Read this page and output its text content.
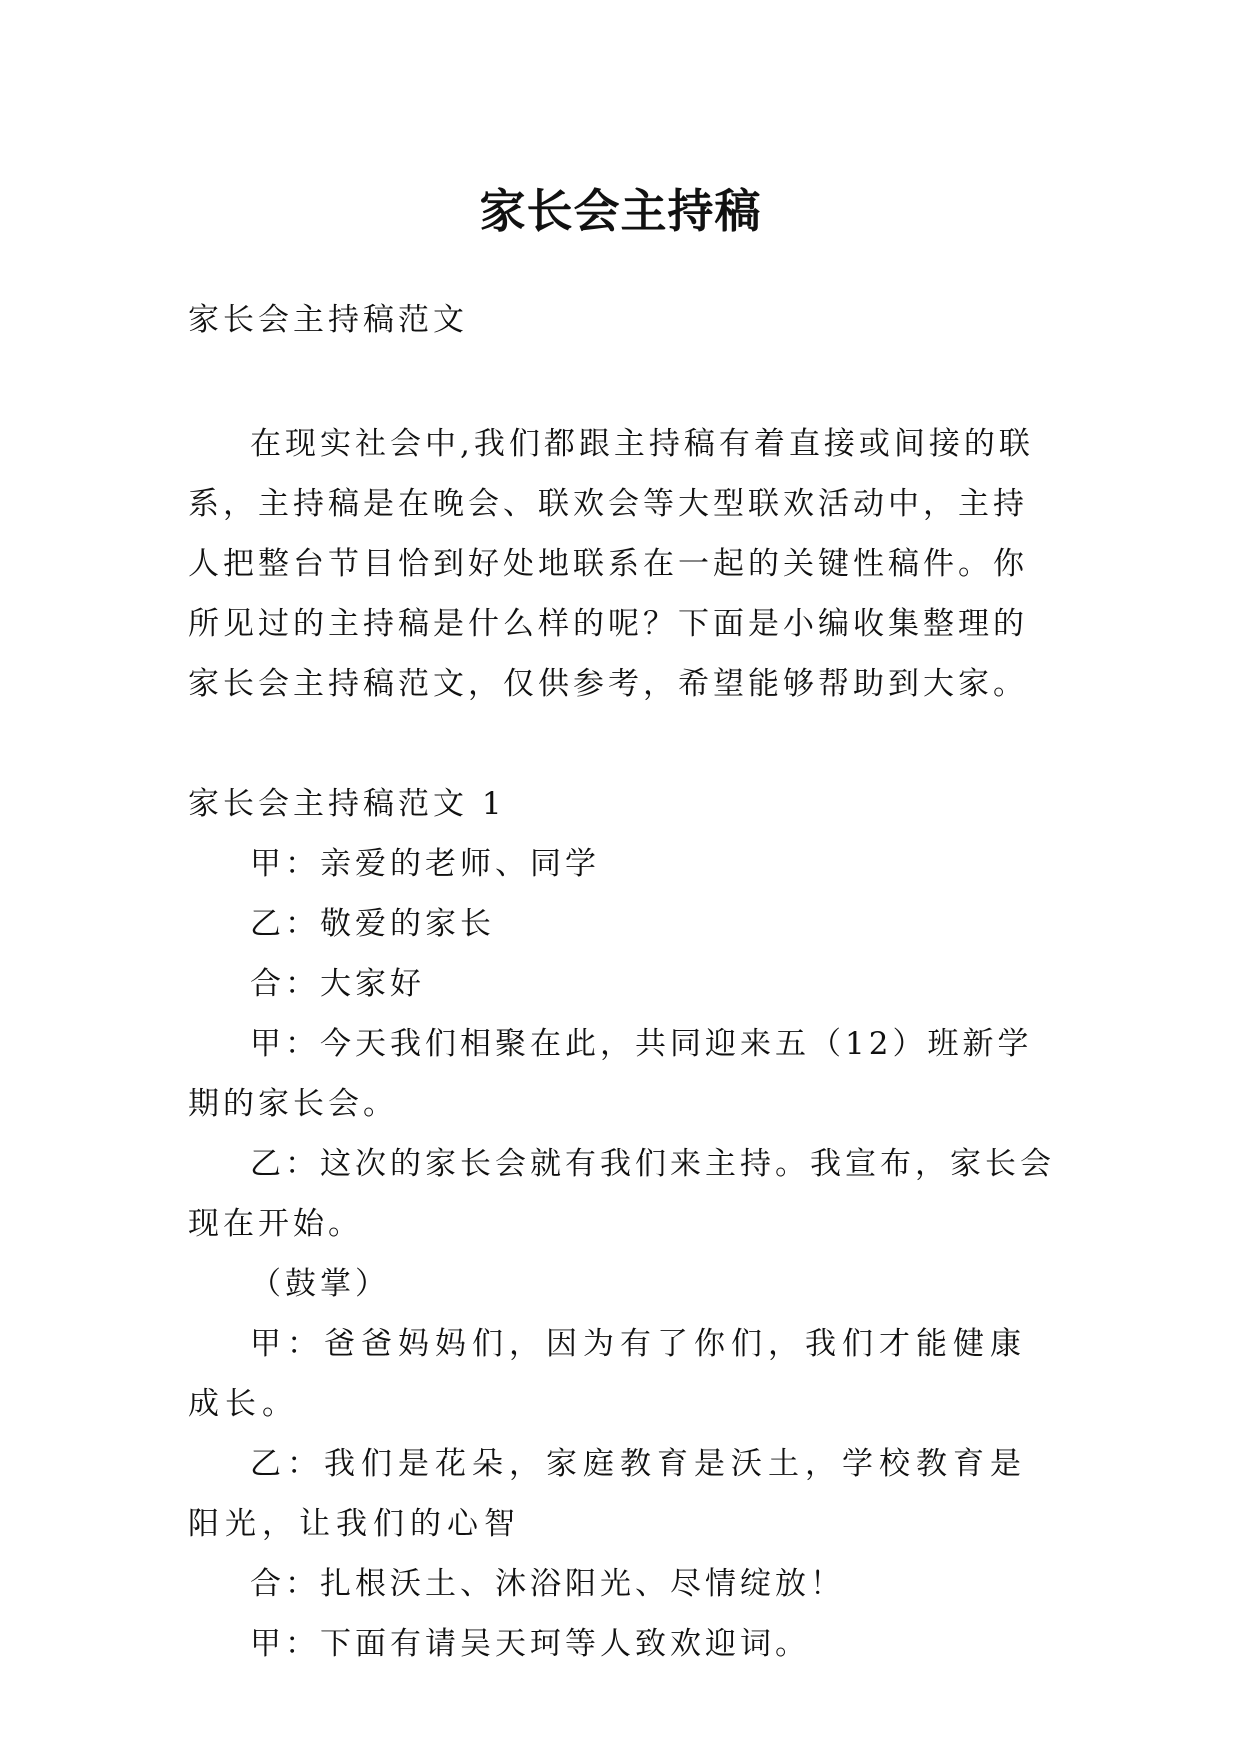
家长会主持稿

家长会主持稿范文

在现实社会中,我们都跟主持稿有着直接或间接的联系，主持稿是在晚会、联欢会等大型联欢活动中，主持人把整台节目恰到好处地联系在一起的关键性稿件。你所见过的主持稿是什么样的呢？下面是小编收集整理的家长会主持稿范文，仅供参考，希望能够帮助到大家。

家长会主持稿范文 1

甲：亲爱的老师、同学

乙：敬爱的家长

合：大家好

甲：今天我们相聚在此，共同迎来五（12）班新学期的家长会。

乙：这次的家长会就有我们来主持。我宣布，家长会现在开始。

（鼓掌）

甲：爸爸妈妈们，因为有了你们，我们才能健康成长。

乙：我们是花朵，家庭教育是沃土，学校教育是阳光，让我们的心智

合：扎根沃土、沐浴阳光、尽情绽放！

甲：下面有请吴天珂等人致欢迎词。
